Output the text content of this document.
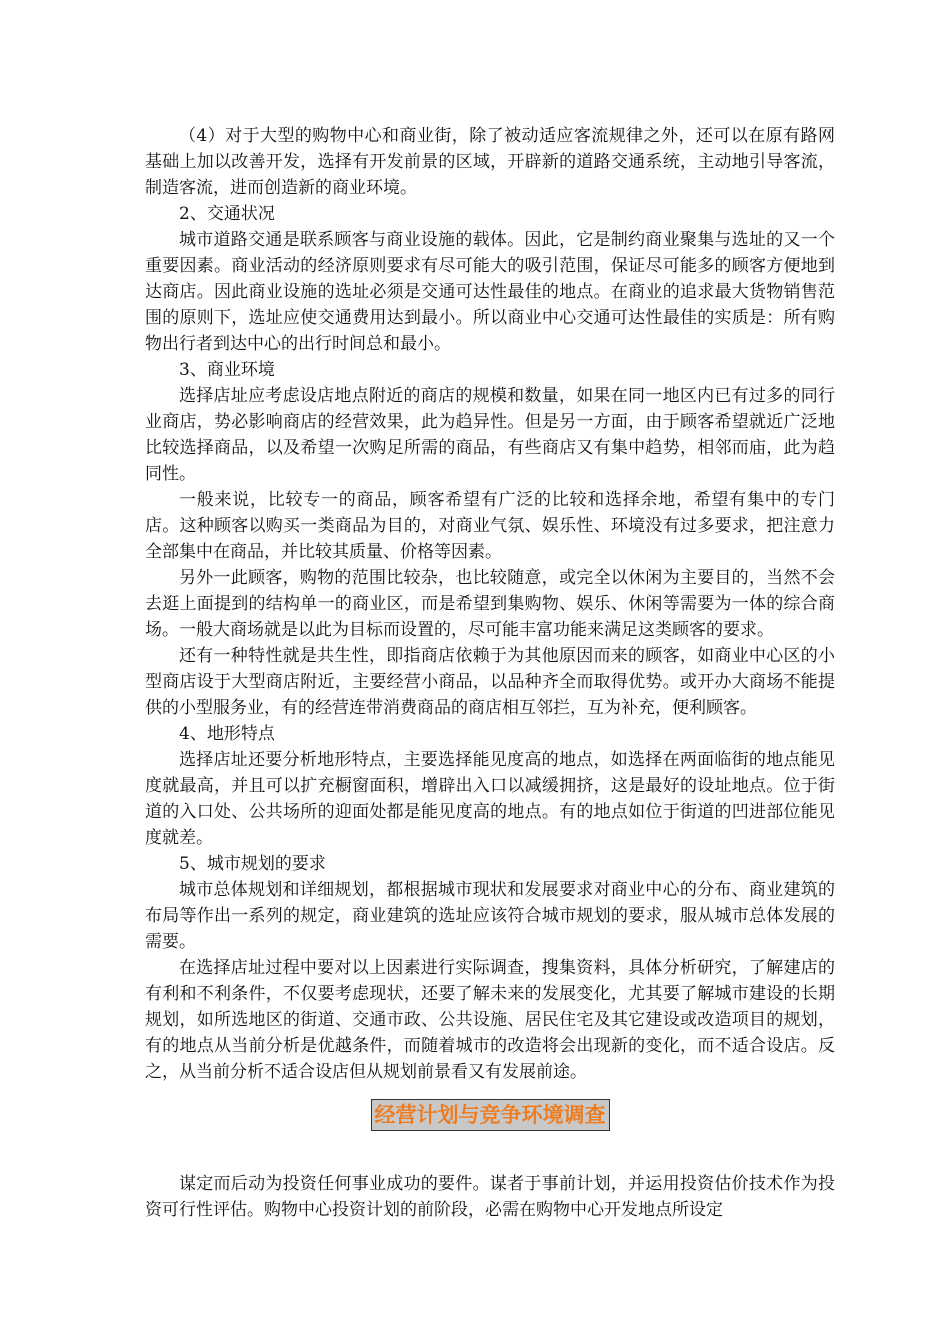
（4）对于大型的购物中心和商业街，除了被动适应客流规律之外，还可以在原有路网基础上加以改善开发，选择有开发前景的区域，开辟新的道路交通系统，主动地引导客流，制造客流，进而创造新的商业环境。

2、交通状况

城市道路交通是联系顾客与商业设施的载体。因此，它是制约商业聚集与选址的又一个重要因素。商业活动的经济原则要求有尽可能大的吸引范围，保证尽可能多的顾客方便地到达商店。因此商业设施的选址必须是交通可达性最佳的地点。在商业的追求最大货物销售范围的原则下，选址应使交通费用达到最小。所以商业中心交通可达性最佳的实质是：所有购物出行者到达中心的出行时间总和最小。

3、商业环境

选择店址应考虑设店地点附近的商店的规模和数量，如果在同一地区内已有过多的同行业商店，势必影响商店的经营效果，此为趋异性。但是另一方面，由于顾客希望就近广泛地比较选择商品，以及希望一次购足所需的商品，有些商店又有集中趋势，相邻而庙，此为趋同性。

一般来说，比较专一的商品，顾客希望有广泛的比较和选择余地，希望有集中的专门店。这种顾客以购买一类商品为目的，对商业气氛、娱乐性、环境没有过多要求，把注意力全部集中在商品，并比较其质量、价格等因素。

另外一此顾客，购物的范围比较杂，也比较随意，或完全以休闲为主要目的，当然不会去逛上面提到的结构单一的商业区，而是希望到集购物、娱乐、休闲等需要为一体的综合商场。一般大商场就是以此为目标而设置的，尽可能丰富功能来满足这类顾客的要求。

还有一种特性就是共生性，即指商店依赖于为其他原因而来的顾客，如商业中心区的小型商店设于大型商店附近，主要经营小商品，以品种齐全而取得优势。或开办大商场不能提供的小型服务业，有的经营连带消费商品的商店相互邻拦，互为补充，便利顾客。

4、地形特点

选择店址还要分析地形特点，主要选择能见度高的地点，如选择在两面临街的地点能见度就最高，并且可以扩充橱窗面积，增辟出入口以减缓拥挤，这是最好的设址地点。位于街道的入口处、公共场所的迎面处都是能见度高的地点。有的地点如位于街道的凹进部位能见度就差。

5、城市规划的要求

城市总体规划和详细规划，都根据城市现状和发展要求对商业中心的分布、商业建筑的布局等作出一系列的规定，商业建筑的选址应该符合城市规划的要求，服从城市总体发展的需要。

在选择店址过程中要对以上因素进行实际调查，搜集资料，具体分析研究，了解建店的有利和不利条件，不仅要考虑现状，还要了解未来的发展变化，尤其要了解城市建设的长期规划，如所选地区的街道、交通市政、公共设施、居民住宅及其它建设或改造项目的规划，有的地点从当前分析是优越条件，而随着城市的改造将会出现新的变化，而不适合设店。反之，从当前分析不适合设店但从规划前景看又有发展前途。

经营计划与竞争环境调查

谋定而后动为投资任何事业成功的要件。谋者于事前计划，并运用投资估价技术作为投资可行性评估。购物中心投资计划的前阶段，必需在购物中心开发地点所设定
